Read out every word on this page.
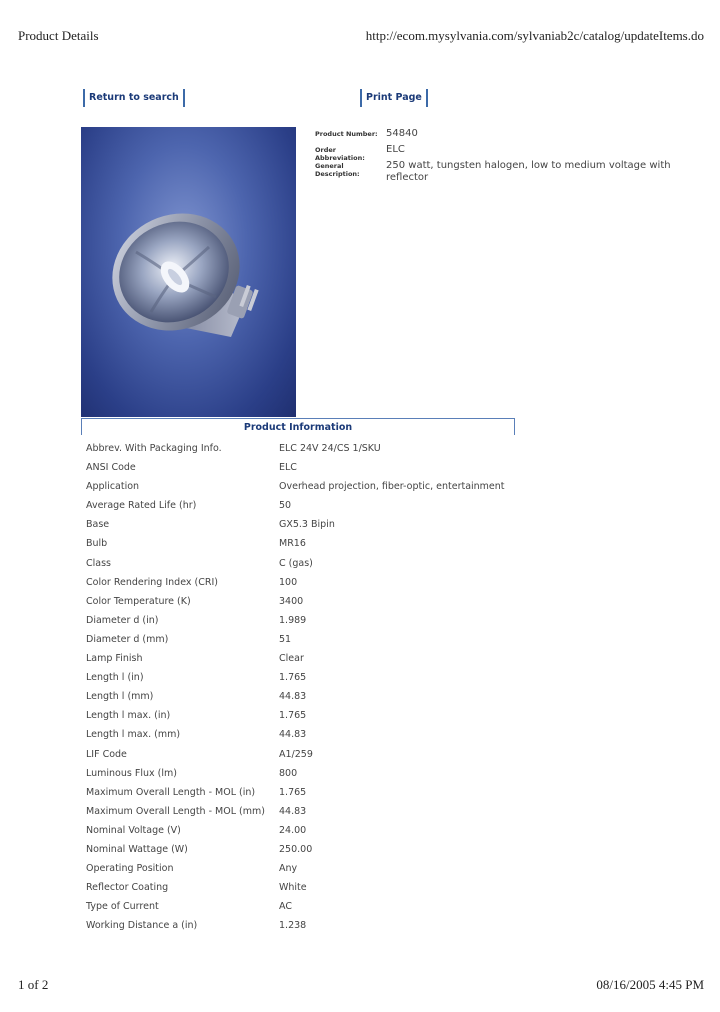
Product Details	http://ecom.mysylvania.com/sylvaniab2c/catalog/updateItems.do
Return to search	Print Page
Product Number: 54840
Order Abbreviation:
ELC
General Description:
250 watt, tungsten halogen, low to medium voltage with reflector
Product Information
Abbrev. With Packaging Info.	ELC 24V 24/CS 1/SKU
ANSI Code	ELC
Application	Overhead projection, fiber-optic, entertainment
Average Rated Life (hr)	50
Base	GX5.3 Bipin
Bulb	MR16
Class	C (gas)
Color Rendering Index (CRI)	100
Color Temperature (K)	3400
Diameter d (in)	1.989
Diameter d (mm)	51
Lamp Finish	Clear
Length l (in)	1.765
Length l (mm)	44.83
Length l max. (in)	1.765
Length l max. (mm)	44.83
LIF Code	A1/259
Luminous Flux (lm)	800
Maximum Overall Length - MOL (in)	1.765
Maximum Overall Length - MOL (mm) 44.83
Nominal Voltage (V)	24.00
Nominal Wattage (W)	250.00
Operating Position	Any
Reflector Coating	White
Type of Current	AC
Working Distance a (in)	1.238
1 of 2	08/16/2005 4:45 PM
